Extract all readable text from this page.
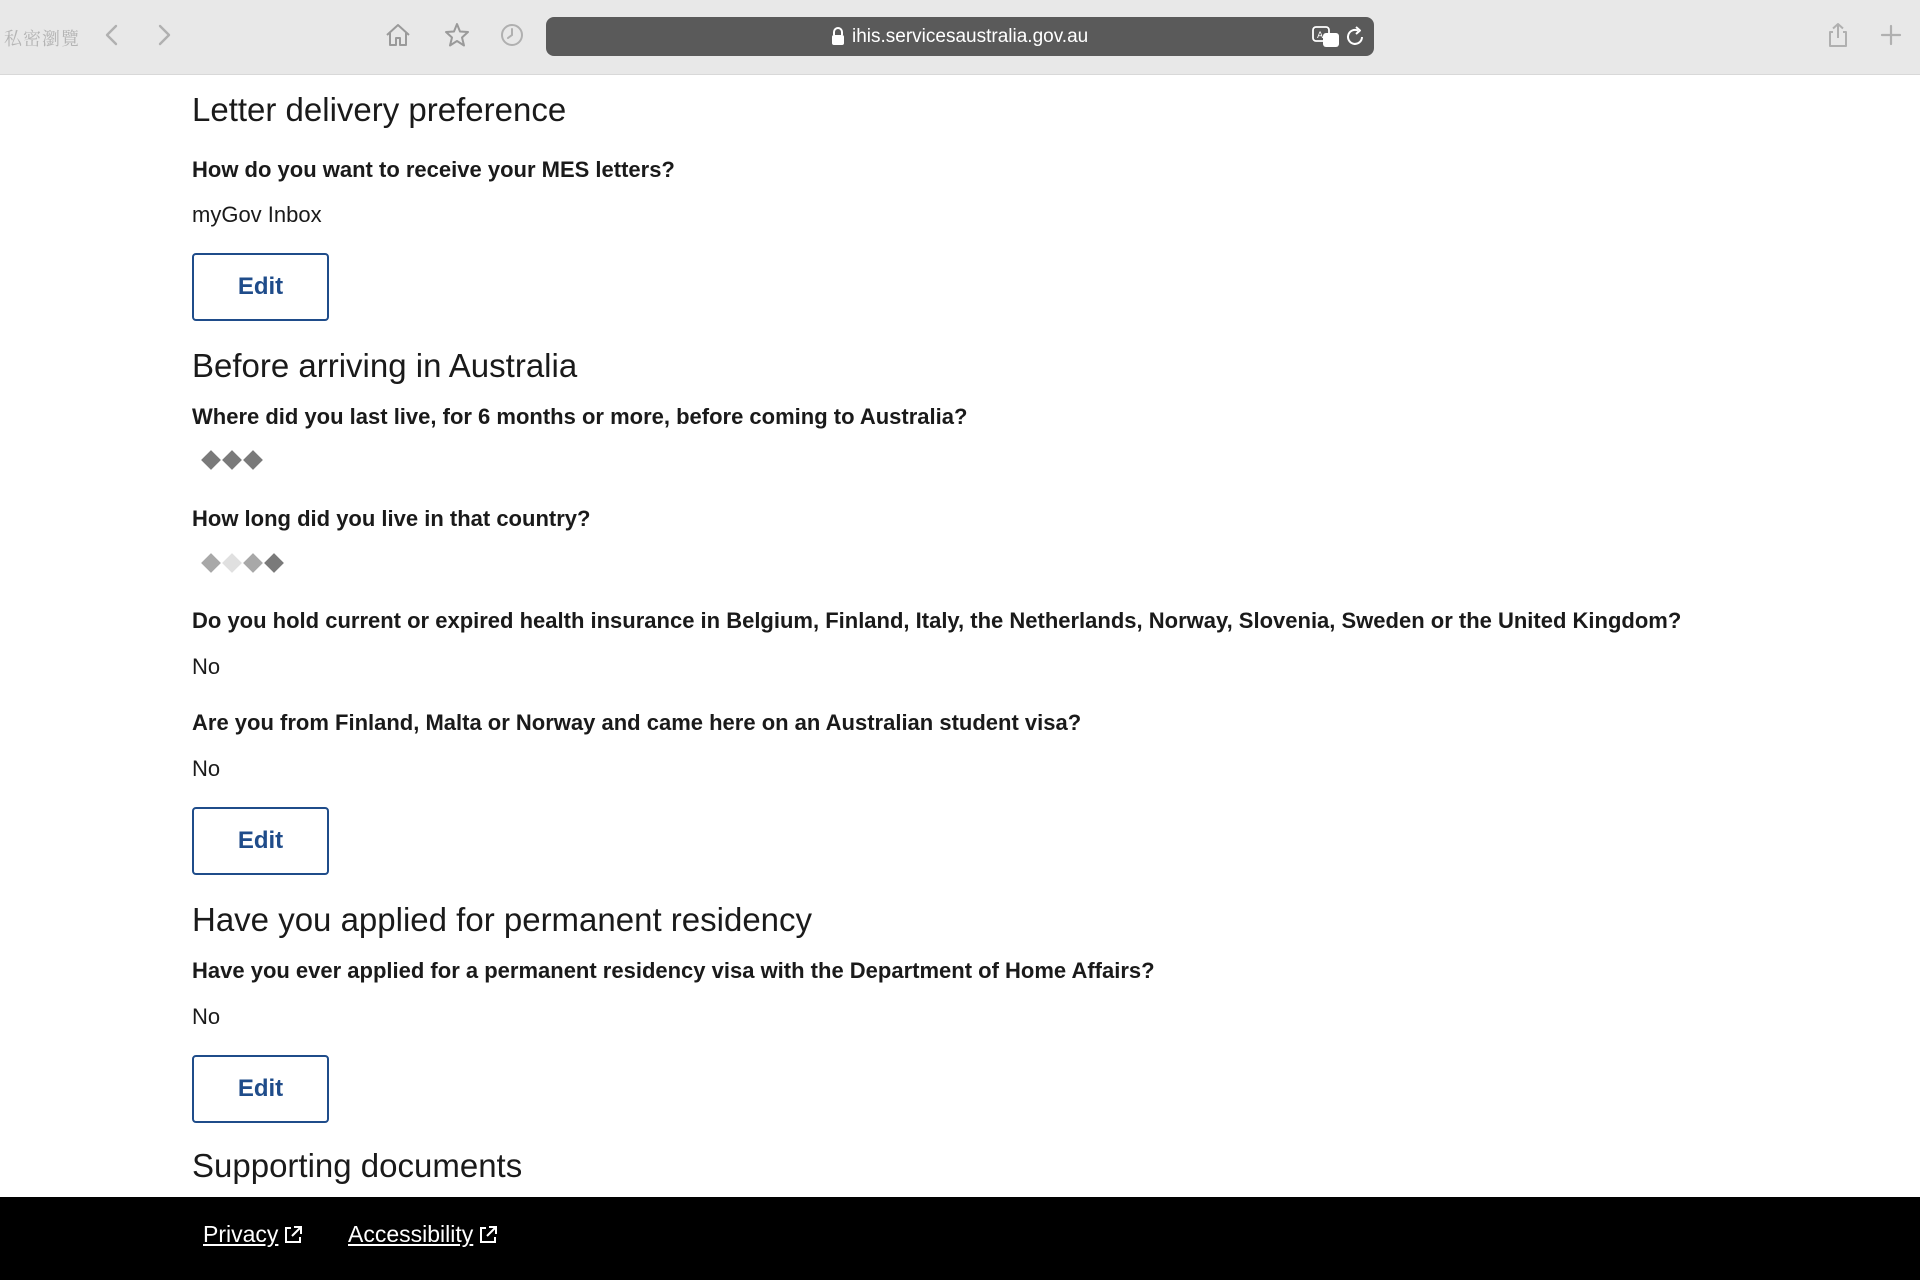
私密瀏覽	ihis.servicesaustralia.gov.au	A
Letter delivery preference

How do you want to receive your MES letters?

myGov Inbox

Edit
Before arriving in Australia

Where did you last live, for 6 months or more, before coming to Australia?

How long did you live in that country?

Do you hold current or expired health insurance in Belgium, Finland, Italy, the Netherlands, Norway, Slovenia, Sweden or the United Kingdom?

No

Are you from Finland, Malta or Norway and came here on an Australian student visa?

No

Edit
Have you applied for permanent residency

Have you ever applied for a permanent residency visa with the Department of Home Affairs?

No

Edit
Supporting documents
Privacy	Accessibility
